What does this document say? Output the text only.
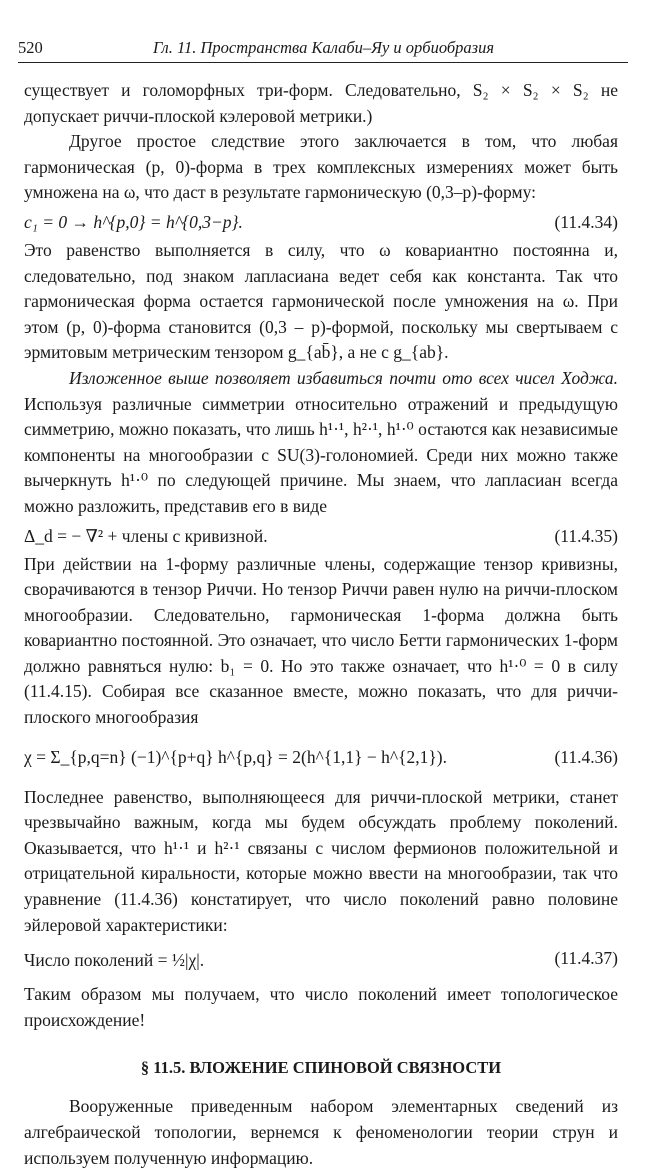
520	Гл. 11. Пространства Калаби–Яу и орбиобразия

существует и голоморфных три-форм. Следовательно, S₂ × S₂ × S₂ не допускает риччи-плоской кэлеровой метрики.)

Другое простое следствие этого заключается в том, что любая гармоническая (p, 0)-форма в трех комплексных измерениях может быть умножена на ω, что даст в результате гармоническую (0,3–p)-форму:

c₁ = 0 → h^{p,0} = h^{0,3−p}.	(11.4.34)

Это равенство выполняется в силу, что ω ковариантно постоянна и, следовательно, под знаком лапласиана ведет себя как константа. Так что гармоническая форма остается гармонической после умножения на ω. При этом (p, 0)-форма становится (0,3 – p)-формой, поскольку мы свертываем с эрмитовым метрическим тензором g_{ab̄}, а не с g_{ab}.

Изложенное выше позволяет избавиться почти ото всех чисел Ходжа. Используя различные симметрии относительно отражений и предыдущую симметрию, можно показать, что лишь h¹·¹, h²·¹, h¹·⁰ остаются как независимые компоненты на многообразии с SU(3)-голономией. Среди них можно также вычеркнуть h¹·⁰ по следующей причине. Мы знаем, что лапласиан всегда можно разложить, представив его в виде

Δ_d = − ∇² + члены с кривизной.	(11.4.35)

При действии на 1-форму различные члены, содержащие тензор кривизны, сворачиваются в тензор Риччи. Но тензор Риччи равен нулю на риччи-плоском многообразии. Следовательно, гармоническая 1-форма должна быть ковариантно постоянной. Это означает, что число Бетти гармонических 1-форм должно равняться нулю: b₁ = 0. Но это также означает, что h¹·⁰ = 0 в силу (11.4.15). Собирая все сказанное вместе, можно показать, что для риччи-плоского многообразия

χ = Σ_{p,q=n} (−1)^{p+q} h^{p,q} = 2(h^{1,1} − h^{2,1}).	(11.4.36)

Последнее равенство, выполняющееся для риччи-плоской метрики, станет чрезвычайно важным, когда мы будем обсуждать проблему поколений. Оказывается, что h¹·¹ и h²·¹ связаны с числом фермионов положительной и отрицательной киральности, которые можно ввести на многообразии, так что уравнение (11.4.36) констатирует, что число поколений равно половине эйлеровой характеристики:

Число поколений = ½|χ|.	(11.4.37)

Таким образом мы получаем, что число поколений имеет топологическое происхождение!

§ 11.5. ВЛОЖЕНИЕ СПИНОВОЙ СВЯЗНОСТИ

Вооруженные приведенным набором элементарных сведений из алгебраической топологии, вернемся к феноменологии теории струн и используем полученную информацию.
